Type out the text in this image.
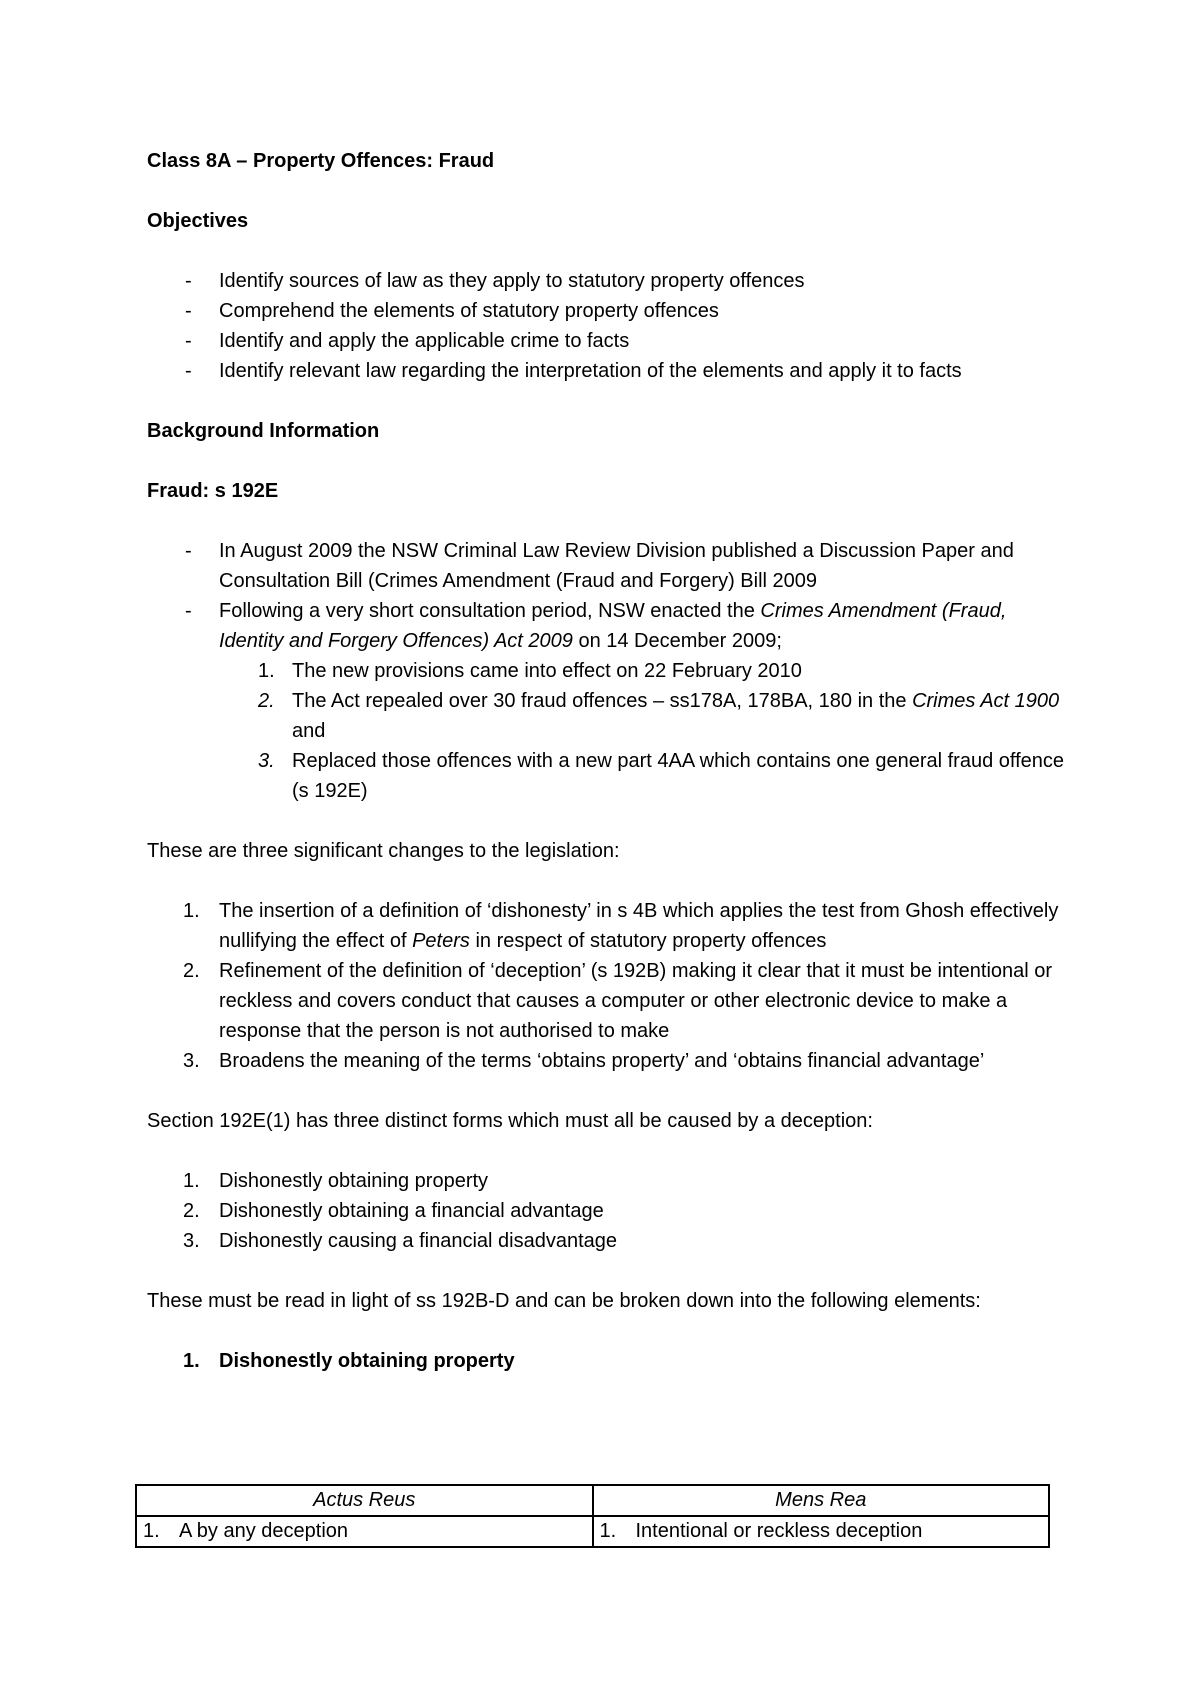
Class 8A – Property Offences: Fraud

Objectives

- Identify sources of law as they apply to statutory property offences
- Comprehend the elements of statutory property offences
- Identify and apply the applicable crime to facts
- Identify relevant law regarding the interpretation of the elements and apply it to facts

Background Information

Fraud: s 192E

- In August 2009 the NSW Criminal Law Review Division published a Discussion Paper and Consultation Bill (Crimes Amendment (Fraud and Forgery) Bill 2009
- Following a very short consultation period, NSW enacted the Crimes Amendment (Fraud, Identity and Forgery Offences) Act 2009 on 14 December 2009;
1. The new provisions came into effect on 22 February 2010
2. The Act repealed over 30 fraud offences – ss178A, 178BA, 180 in the Crimes Act 1900 and
3. Replaced those offences with a new part 4AA which contains one general fraud offence (s 192E)

These are three significant changes to the legislation:

1. The insertion of a definition of ‘dishonesty’ in s 4B which applies the test from Ghosh effectively nullifying the effect of Peters in respect of statutory property offences
2. Refinement of the definition of ‘deception’ (s 192B) making it clear that it must be intentional or reckless and covers conduct that causes a computer or other electronic device to make a response that the person is not authorised to make
3. Broadens the meaning of the terms ‘obtains property’ and ‘obtains financial advantage’

Section 192E(1) has three distinct forms which must all be caused by a deception:

1. Dishonestly obtaining property
2. Dishonestly obtaining a financial advantage
3. Dishonestly causing a financial disadvantage

These must be read in light of ss 192B-D and can be broken down into the following elements:

1. Dishonestly obtaining property
Actus Reus	Mens Rea
1. A by any deception	1. Intentional or reckless deception
